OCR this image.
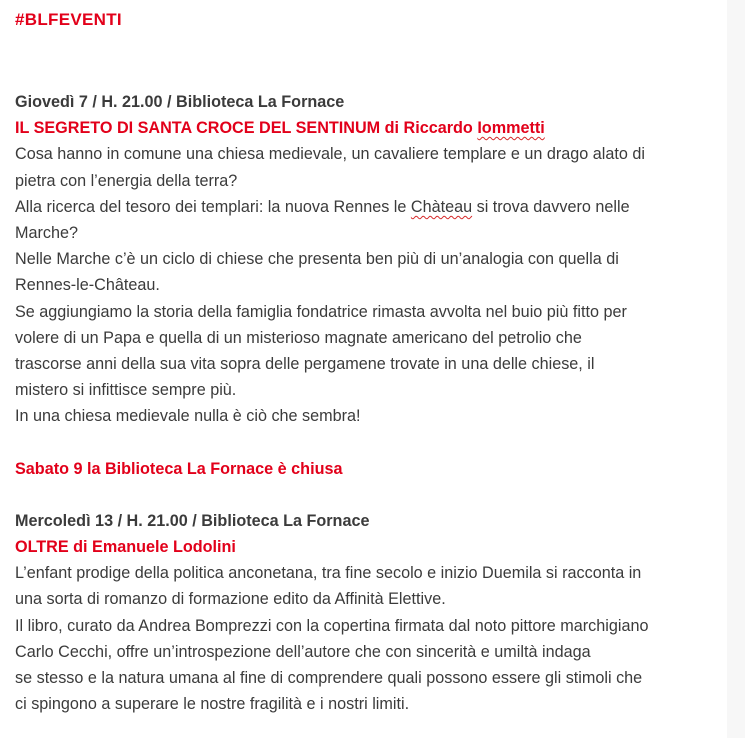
#BLFEVENTI
Giovedì 7 / H. 21.00 / Biblioteca La Fornace
IL SEGRETO DI SANTA CROCE DEL SENTINUM di Riccardo Iommetti
Cosa hanno in comune una chiesa medievale, un cavaliere templare e un drago alato di
pietra con l’energia della terra?
Alla ricerca del tesoro dei templari: la nuova Rennes le Chàteau si trova davvero nelle
Marche?
Nelle Marche c’è un ciclo di chiese che presenta ben più di un’analogia con quella di
Rennes-le-Château.
Se aggiungiamo la storia della famiglia fondatrice rimasta avvolta nel buio più fitto per
volere di un Papa e quella di un misterioso magnate americano del petrolio che
trascorse anni della sua vita sopra delle pergamene trovate in una delle chiese, il
mistero si infittisce sempre più.
In una chiesa medievale nulla è ciò che sembra!
Sabato 9 la Biblioteca La Fornace è chiusa
Mercoledì 13 / H. 21.00 / Biblioteca La Fornace
OLTRE di Emanuele Lodolini
L’enfant prodige della politica anconetana, tra fine secolo e inizio Duemila si racconta in
una sorta di romanzo di formazione edito da Affinità Elettive.
Il libro, curato da Andrea Bomprezzi con la copertina firmata dal noto pittore marchigiano
Carlo Cecchi, offre un’introspezione dell’autore che con sincerità e umiltà indaga
se stesso e la natura umana al fine di comprendere quali possono essere gli stimoli che
ci spingono a superare le nostre fragilità e i nostri limiti.
